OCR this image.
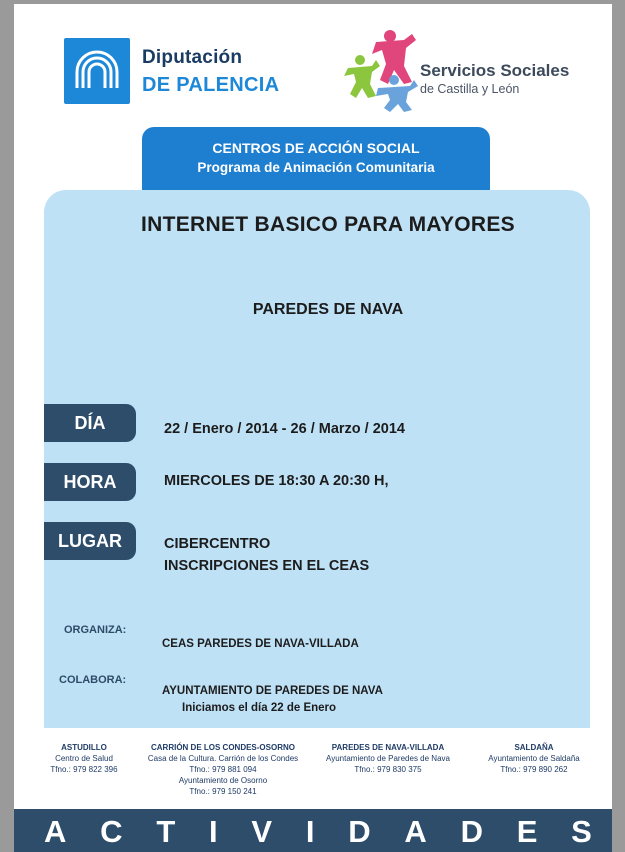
Diputación
DE PALENCIA
Servicios Sociales
de Castilla y León
CENTROS DE ACCIÓN SOCIAL
Programa de Animación Comunitaria
INTERNET BASICO PARA MAYORES
PAREDES DE NAVA
DÍA	22 / Enero / 2014 - 26 / Marzo / 2014
HORA	MIERCOLES DE 18:30 A 20:30 H,
LUGAR	CIBERCENTRO
INSCRIPCIONES EN EL CEAS
ORGANIZA:
CEAS PAREDES DE NAVA-VILLADA
COLABORA:
AYUNTAMIENTO DE PAREDES DE NAVA
Iniciamos el día 22 de Enero
ASTUDILLO
Centro de Salud
Tfno.: 979 822 396
CARRIÓN DE LOS CONDES-OSORNO
Casa de la Cultura. Carrión de los Condes
Tfno.: 979 881 094
Ayuntamiento de Osorno
Tfno.: 979 150 241
PAREDES DE NAVA-VILLADA
Ayuntamiento de Paredes de Nava
Tfno.: 979 830 375
SALDAÑA
Ayuntamiento de Saldaña
Tfno.: 979 890 262
A C T I V I D A D E S
